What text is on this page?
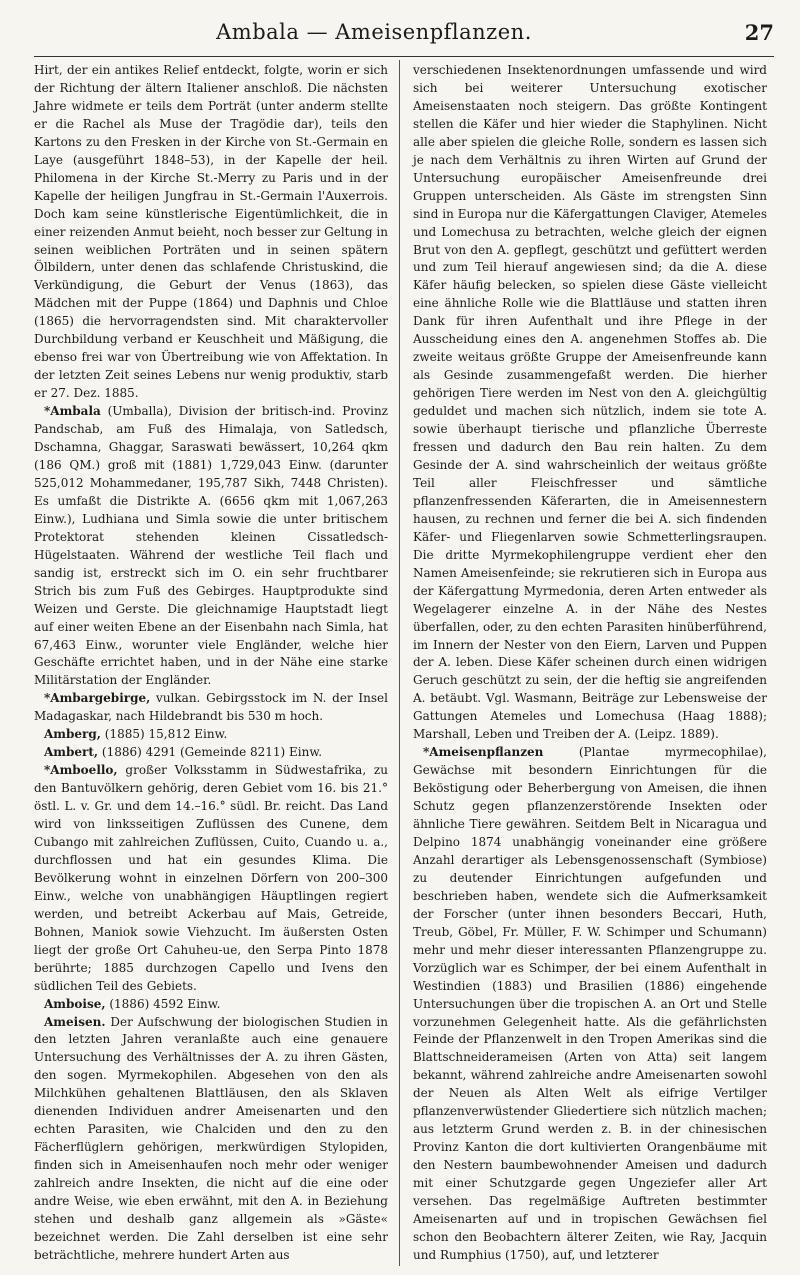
Ambala — Ameisenpflanzen.	27

Hirt, der ein antikes Relief entdeckt, folgte, worin er sich der Richtung der ältern Italiener anschloß. Die nächsten Jahre widmete er teils dem Porträt (unter anderm stellte er die Rachel als Muse der Tragödie dar), teils den Kartons zu den Fresken in der Kirche von St.-Germain en Laye (ausgeführt 1848–53), in der Kapelle der heil. Philomena in der Kirche St.-Merry zu Paris und in der Kapelle der heiligen Jungfrau in St.-Germain l'Auxerrois. Doch kam seine künstlerische Eigentümlichkeit, die in einer reizenden Anmut beieht, noch besser zur Geltung in seinen weiblichen Porträten und in seinen spätern Ölbildern, unter denen das schlafende Christuskind, die Verkündigung, die Geburt der Venus (1863), das Mädchen mit der Puppe (1864) und Daphnis und Chloe (1865) die hervorragendsten sind. Mit charaktervoller Durchbildung verband er Keuschheit und Mäßigung, die ebenso frei war von Übertreibung wie von Affektation. In der letzten Zeit seines Lebens nur wenig produktiv, starb er 27. Dez. 1885.

*Ambala (Umballa), Division der britisch-ind. Provinz Pandschab, am Fuß des Himalaja, von Satledsch, Dschamna, Ghaggar, Saraswati bewässert, 10,264 qkm (186 QM.) groß mit (1881) 1,729,043 Einw. (darunter 525,012 Mohammedaner, 195,787 Sikh, 7448 Christen). Es umfaßt die Distrikte A. (6656 qkm mit 1,067,263 Einw.), Ludhiana und Simla sowie die unter britischem Protektorat stehenden kleinen Cissatledsch-Hügelstaaten. Während der westliche Teil flach und sandig ist, erstreckt sich im O. ein sehr fruchtbarer Strich bis zum Fuß des Gebirges. Hauptprodukte sind Weizen und Gerste. Die gleichnamige Hauptstadt liegt auf einer weiten Ebene an der Eisenbahn nach Simla, hat 67,463 Einw., worunter viele Engländer, welche hier Geschäfte errichtet haben, und in der Nähe eine starke Militärstation der Engländer.

*Ambargebirge, vulkan. Gebirgsstock im N. der Insel Madagaskar, nach Hildebrandt bis 530 m hoch.

Amberg, (1885) 15,812 Einw.

Ambert, (1886) 4291 (Gemeinde 8211) Einw.

*Amboello, großer Volksstamm in Südwestafrika, zu den Bantuvölkern gehörig, deren Gebiet vom 16. bis 21.° östl. L. v. Gr. und dem 14.–16.° südl. Br. reicht. Das Land wird von linksseitigen Zuflüssen des Cunene, dem Cubango mit zahlreichen Zuflüssen, Cuito, Cuando u. a., durchflossen und hat ein gesundes Klima. Die Bevölkerung wohnt in einzelnen Dörfern von 200–300 Einw., welche von unabhängigen Häuptlingen regiert werden, und betreibt Ackerbau auf Mais, Getreide, Bohnen, Maniok sowie Viehzucht. Im äußersten Osten liegt der große Ort Cahuheu-ue, den Serpa Pinto 1878 berührte; 1885 durchzogen Capello und Ivens den südlichen Teil des Gebiets.

Amboise, (1886) 4592 Einw.

Ameisen. Der Aufschwung der biologischen Studien in den letzten Jahren veranlaßte auch eine genauere Untersuchung des Verhältnisses der A. zu ihren Gästen, den sogen. Myrmekophilen. Abgesehen von den als Milchkühen gehaltenen Blattläusen, den als Sklaven dienenden Individuen andrer Ameisenarten und den echten Parasiten, wie Chalciden und den zu den Fächerflüglern gehörigen, merkwürdigen Stylopiden, finden sich in Ameisenhaufen noch mehr oder weniger zahlreich andre Insekten, die nicht auf die eine oder andre Weise, wie eben erwähnt, mit den A. in Beziehung stehen und deshalb ganz allgemein als »Gäste« bezeichnet werden. Die Zahl derselben ist eine sehr beträchtliche, mehrere hundert Arten aus

verschiedenen Insektenordnungen umfassende und wird sich bei weiterer Untersuchung exotischer Ameisenstaaten noch steigern. Das größte Kontingent stellen die Käfer und hier wieder die Staphylinen. Nicht alle aber spielen die gleiche Rolle, sondern es lassen sich je nach dem Verhältnis zu ihren Wirten auf Grund der Untersuchung europäischer Ameisenfreunde drei Gruppen unterscheiden. Als Gäste im strengsten Sinn sind in Europa nur die Käfergattungen Claviger, Atemeles und Lomechusa zu betrachten, welche gleich der eignen Brut von den A. gepflegt, geschützt und gefüttert werden und zum Teil hierauf angewiesen sind; da die A. diese Käfer häufig belecken, so spielen diese Gäste vielleicht eine ähnliche Rolle wie die Blattläuse und statten ihren Dank für ihren Aufenthalt und ihre Pflege in der Ausscheidung eines den A. angenehmen Stoffes ab. Die zweite weitaus größte Gruppe der Ameisenfreunde kann als Gesinde zusammengefaßt werden. Die hierher gehörigen Tiere werden im Nest von den A. gleichgültig geduldet und machen sich nützlich, indem sie tote A. sowie überhaupt tierische und pflanzliche Überreste fressen und dadurch den Bau rein halten. Zu dem Gesinde der A. sind wahrscheinlich der weitaus größte Teil aller Fleischfresser und sämtliche pflanzenfressenden Käferarten, die in Ameisennestern hausen, zu rechnen und ferner die bei A. sich findenden Käfer- und Fliegenlarven sowie Schmetterlingsraupen. Die dritte Myrmekophilengruppe verdient eher den Namen Ameisenfeinde; sie rekrutieren sich in Europa aus der Käfergattung Myrmedonia, deren Arten entweder als Wegelagerer einzelne A. in der Nähe des Nestes überfallen, oder, zu den echten Parasiten hinüberführend, im Innern der Nester von den Eiern, Larven und Puppen der A. leben. Diese Käfer scheinen durch einen widrigen Geruch geschützt zu sein, der die heftig sie angreifenden A. betäubt. Vgl. Wasmann, Beiträge zur Lebensweise der Gattungen Atemeles und Lomechusa (Haag 1888); Marshall, Leben und Treiben der A. (Leipz. 1889).

*Ameisenpflanzen	(Plantae myrmecophilae), Gewächse mit besondern Einrichtungen für die Beköstigung oder Beherbergung von Ameisen, die ihnen Schutz gegen pflanzenzerstörende Insekten oder ähnliche Tiere gewähren. Seitdem Belt in Nicaragua und Delpino 1874 unabhängig voneinander eine größere Anzahl derartiger als Lebensgenossenschaft (Symbiose) zu deutender Einrichtungen aufgefunden und beschrieben haben, wendete sich die Aufmerksamkeit der Forscher (unter ihnen besonders Beccari, Huth, Treub, Göbel, Fr. Müller, F. W. Schimper und Schumann) mehr und mehr dieser interessanten Pflanzengruppe zu. Vorzüglich war es Schimper, der bei einem Aufenthalt in Westindien (1883) und Brasilien (1886) eingehende Untersuchungen über die tropischen A. an Ort und Stelle vorzunehmen Gelegenheit hatte. Als die gefährlichsten Feinde der Pflanzenwelt in den Tropen Amerikas sind die Blattschneiderameisen (Arten von Atta) seit langem bekannt, während zahlreiche andre Ameisenarten sowohl der Neuen als Alten Welt als eifrige Vertilger pflanzenverwüstender Gliedertiere sich nützlich machen; aus letzterm Grund werden z. B. in der chinesischen Provinz Kanton die dort kultivierten Orangenbäume mit den Nestern baumbewohnender Ameisen und dadurch mit einer Schutzgarde gegen Ungeziefer aller Art versehen. Das regelmäßige Auftreten bestimmter Ameisenarten auf und in tropischen Gewächsen fiel schon den Beobachtern älterer Zeiten, wie Ray, Jacquin und Rumphius (1750), auf, und letzterer
